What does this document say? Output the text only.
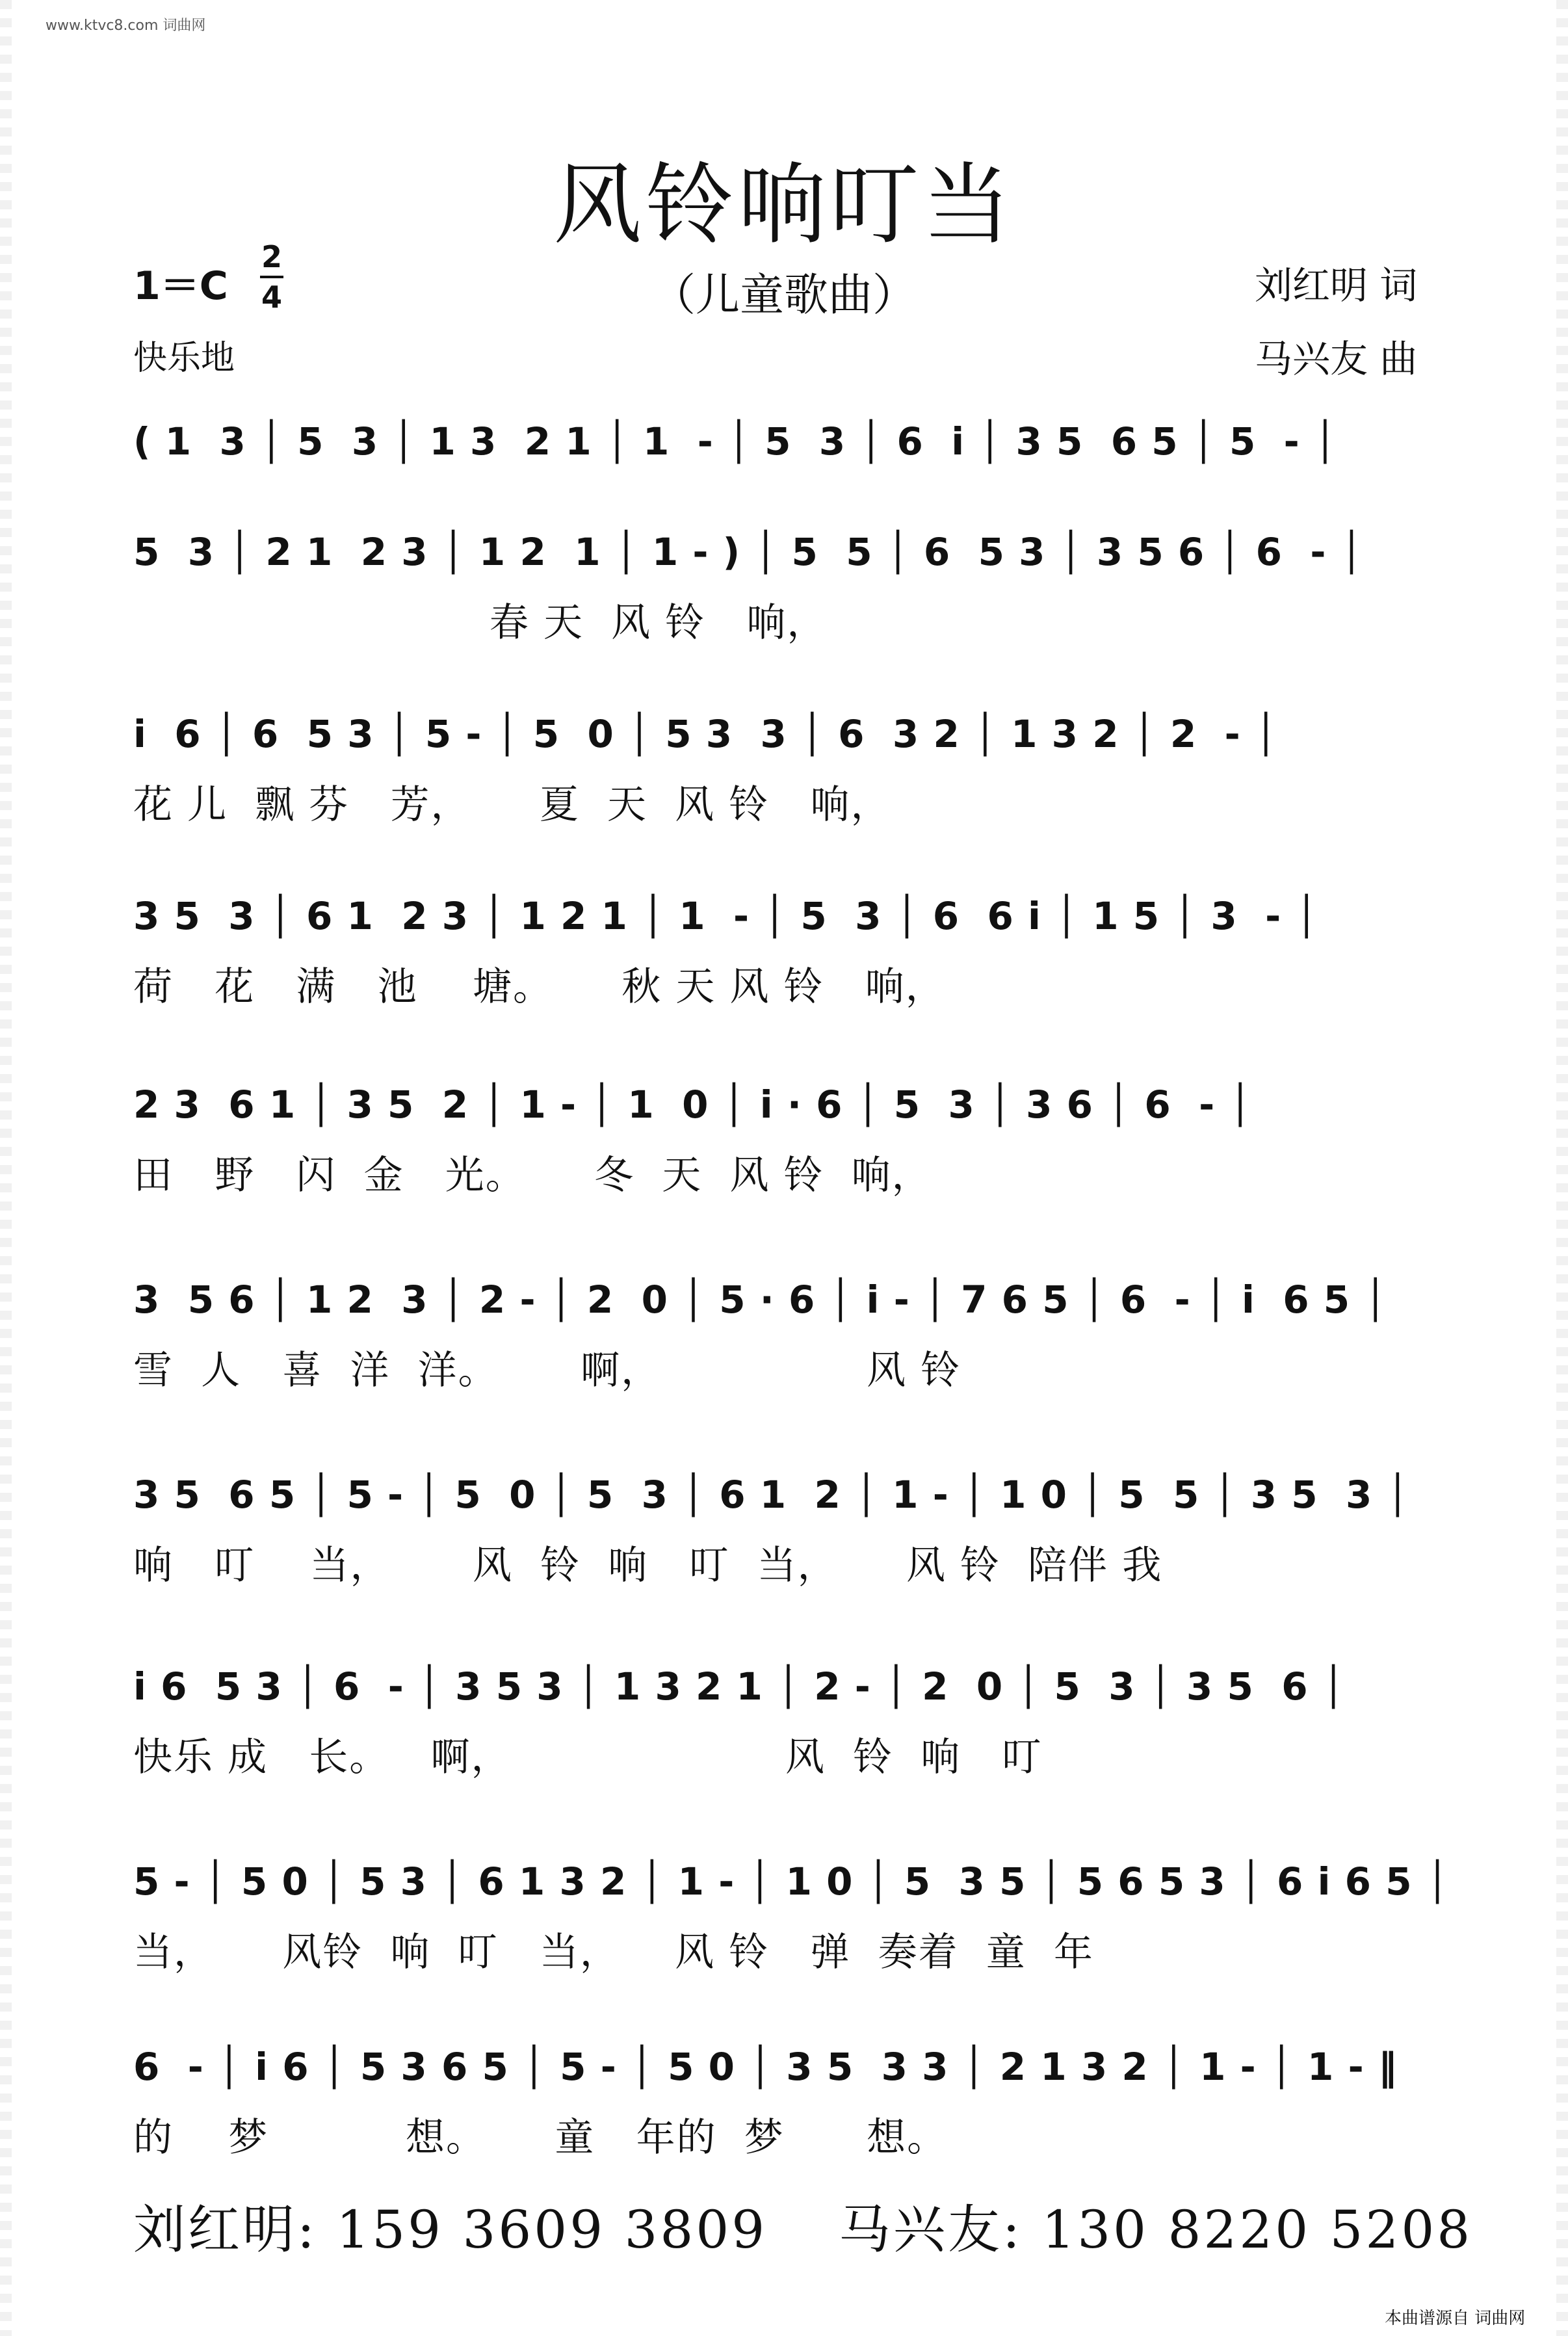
www.ktvc8.com 词曲网
风铃响叮当
（儿童歌曲）
1＝C
2
4
快乐地
刘红明 词
马兴友 曲
( 1  3 │ 5  3 │ 1 3  2 1 │ 1  - │ 5  3 │ 6  i │ 3 5  6 5 │ 5  - │
5  3 │ 2 1  2 3 │ 1 2  1 │ 1 - ) │ 5  5 │ 6  5 3 │ 3 5 6 │ 6  - │
春 天  风 铃   响，
i  6 │ 6  5 3 │ 5 - │ 5  0 │ 5 3  3 │ 6  3 2 │ 1 3 2 │ 2  - │
花 儿  飘 芬   芳，     夏  天  风 铃   响，
3 5  3 │ 6 1  2 3 │ 1 2 1 │ 1  - │ 5  3 │ 6  6 i │ 1 5 │ 3  - │
荷   花   满   池    塘。     秋 天 风 铃   响，
2 3  6 1 │ 3 5  2 │ 1 - │ 1  0 │ i · 6 │ 5  3 │ 3 6 │ 6  - │
田   野   闪  金   光。     冬  天  风 铃  响，
3  5 6 │ 1 2  3 │ 2 - │ 2  0 │ 5 · 6 │ i - │ 7 6 5 │ 6  - │ i  6 5 │
雪  人   喜  洋  洋。      啊，               风 铃
3 5  6 5 │ 5 - │ 5  0 │ 5  3 │ 6 1  2 │ 1 - │ 1 0 │ 5  5 │ 3 5  3 │
响   叮    当，      风  铃  响   叮  当，     风 铃  陪伴 我
i 6  5 3 │ 6  - │ 3 5 3 │ 1 3 2 1 │ 2 - │ 2  0 │ 5  3 │ 3 5  6 │
快乐 成   长。   啊，                    风  铃  响   叮
5 - │ 5 0 │ 5 3 │ 6 1 3 2 │ 1 - │ 1 0 │ 5  3 5 │ 5 6 5 3 │ 6 i 6 5 │
当，     风铃  响  叮   当，    风 铃   弹  奏着  童  年
6  - │ i 6 │ 5 3 6 5 │ 5 - │ 5 0 │ 3 5  3 3 │ 2 1 3 2 │ 1 - │ 1 - ‖
的    梦          想。     童   年的  梦      想。
刘红明: 159 3609 3809 马兴友: 130 8220 5208
本曲谱源自 词曲网
